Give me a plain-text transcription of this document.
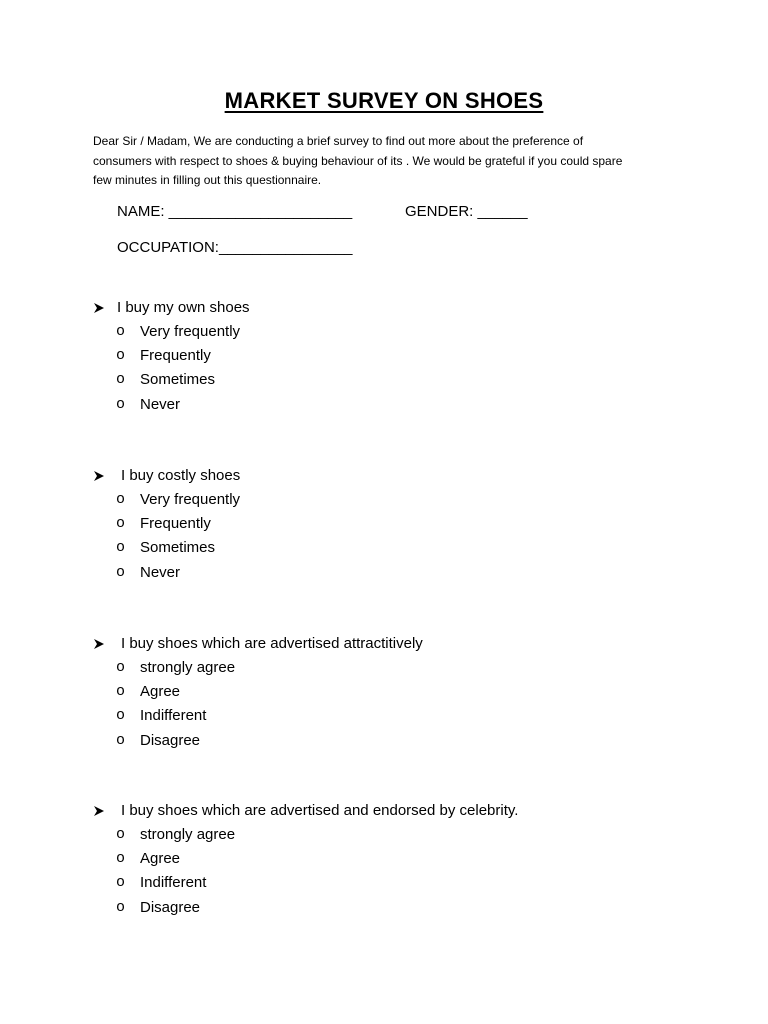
MARKET SURVEY ON SHOES
Dear Sir / Madam, We are conducting a brief survey to find out more about the preference of
consumers with respect to shoes & buying behaviour of its . We would be grateful if you could spare
few minutes in filling out this questionnaire.
NAME: ______________________	GENDER: ______
OCCUPATION:________________
I buy my own shoes
o Very frequently
o Frequently
o Sometimes
o Never
I buy costly shoes
o Very frequently
o Frequently
o Sometimes
o Never
I buy shoes which are advertised attractitively
o strongly agree
o Agree
o Indifferent
o Disagree
I buy shoes which are advertised and endorsed by celebrity.
o strongly agree
o Agree
o Indifferent
o Disagree
